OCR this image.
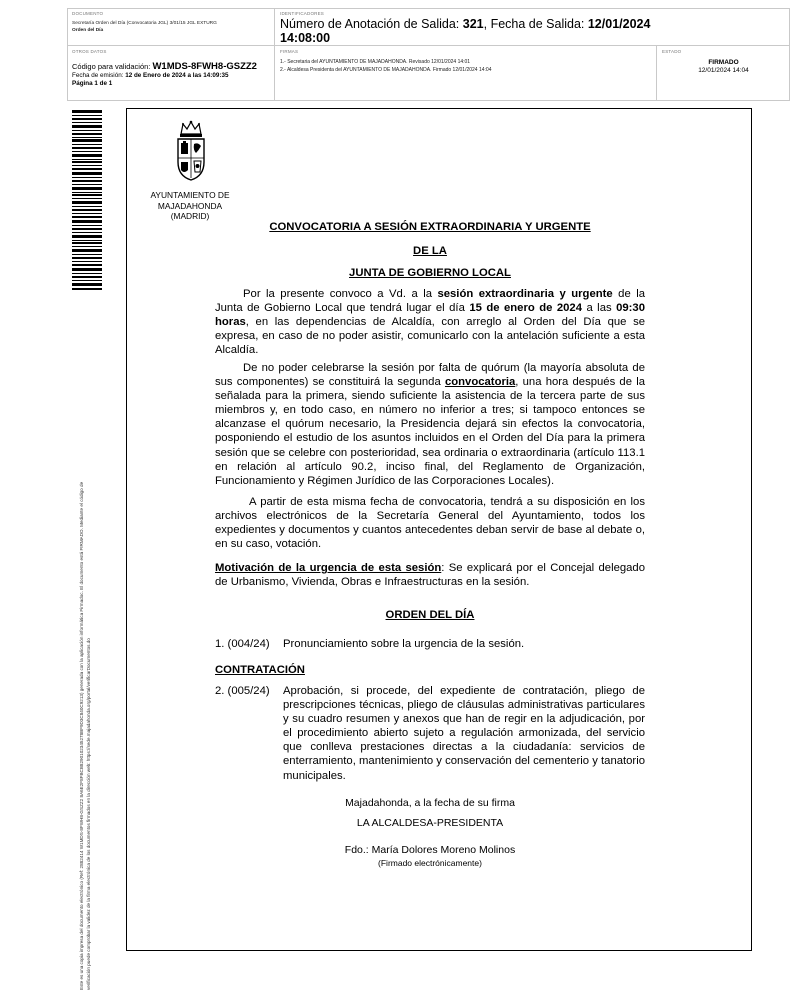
DOCUMENTO
Secretaría Orden del Día (Convocatoria JGL) 3/01/15 JGL EXTURG
Orden del Día
IDENTIFICADORES
Número de Anotación de Salida: 321, Fecha de Salida: 12/01/2024
14:08:00
OTROS DATOS
Código para validación: W1MDS-8FWH8-GSZZ2
Fecha de emisión: 12 de Enero de 2024 a las 14:09:35
Página 1 de 1
FIRMAS
1.- Secretaria del AYUNTAMIENTO DE MAJADAHONDA. Revisado 12/01/2024 14:01
2.- Alcaldesa Presidenta del AYUNTAMIENTO DE MAJADAHONDA. Firmado 12/01/2024 14:04
ESTADO
FIRMADO
12/01/2024 14:04
Este es una copia impresa del documento electrónico (Ref: 2882414 W1MDS-8FWH8-GSZZ2 8A6E2F8FBCB8290102345278BF9D3C840C9213) generada con la aplicación informática Firmadoc. El documento está FIRMADO. Mediante el código de verificación puede comprobar la validez de la firma electrónica de los documentos firmados en la dirección web: https://sede.majadahonda.org/portal/verificarDocumentos.do
AYUNTAMIENTO DE
MAJADAHONDA
(MADRID)
CONVOCATORIA A SESIÓN EXTRAORDINARIA Y URGENTE
DE LA
JUNTA DE GOBIERNO LOCAL

Por la presente convoco a Vd. a la sesión extraordinaria y urgente de la Junta de Gobierno Local que tendrá lugar el día 15 de enero de 2024 a las 09:30 horas, en las dependencias de Alcaldía, con arreglo al Orden del Día que se expresa, en caso de no poder asistir, comunicarlo con la antelación suficiente a esta Alcaldía.

De no poder celebrarse la sesión por falta de quórum (la mayoría absoluta de sus componentes) se constituirá la segunda convocatoria, una hora después de la señalada para la primera, siendo suficiente la asistencia de la tercera parte de sus miembros y, en todo caso, en número no inferior a tres; si tampoco entonces se alcanzase el quórum necesario, la Presidencia dejará sin efectos la convocatoria, posponiendo el estudio de los asuntos incluidos en el Orden del Día para la primera sesión que se celebre con posterioridad, sea ordinaria o extraordinaria (artículo 113.1 en relación al artículo 90.2, inciso final, del Reglamento de Organización, Funcionamiento y Régimen Jurídico de las Corporaciones Locales).

A partir de esta misma fecha de convocatoria, tendrá a su disposición en los archivos electrónicos de la Secretaría General del Ayuntamiento, todos los expedientes y documentos y cuantos antecedentes deban servir de base al debate o, en su caso, votación.

Motivación de la urgencia de esta sesión: Se explicará por el Concejal delegado de Urbanismo, Vivienda, Obras e Infraestructuras en la sesión.

ORDEN DEL DÍA
1. (004/24)	Pronunciamiento sobre la urgencia de la sesión.
CONTRATACIÓN
2. (005/24)	Aprobación, si procede, del expediente de contratación, pliego de prescripciones técnicas, pliego de cláusulas administrativas particulares y su cuadro resumen y anexos que han de regir en la adjudicación, por el procedimiento abierto sujeto a regulación armonizada, del servicio que conlleva prestaciones directas a la ciudadanía: servicios de enterramiento, mantenimiento y conservación del cementerio y tanatorio municipales.
Majadahonda, a la fecha de su firma
LA ALCALDESA-PRESIDENTA
Fdo.: María Dolores Moreno Molinos
(Firmado electrónicamente)
